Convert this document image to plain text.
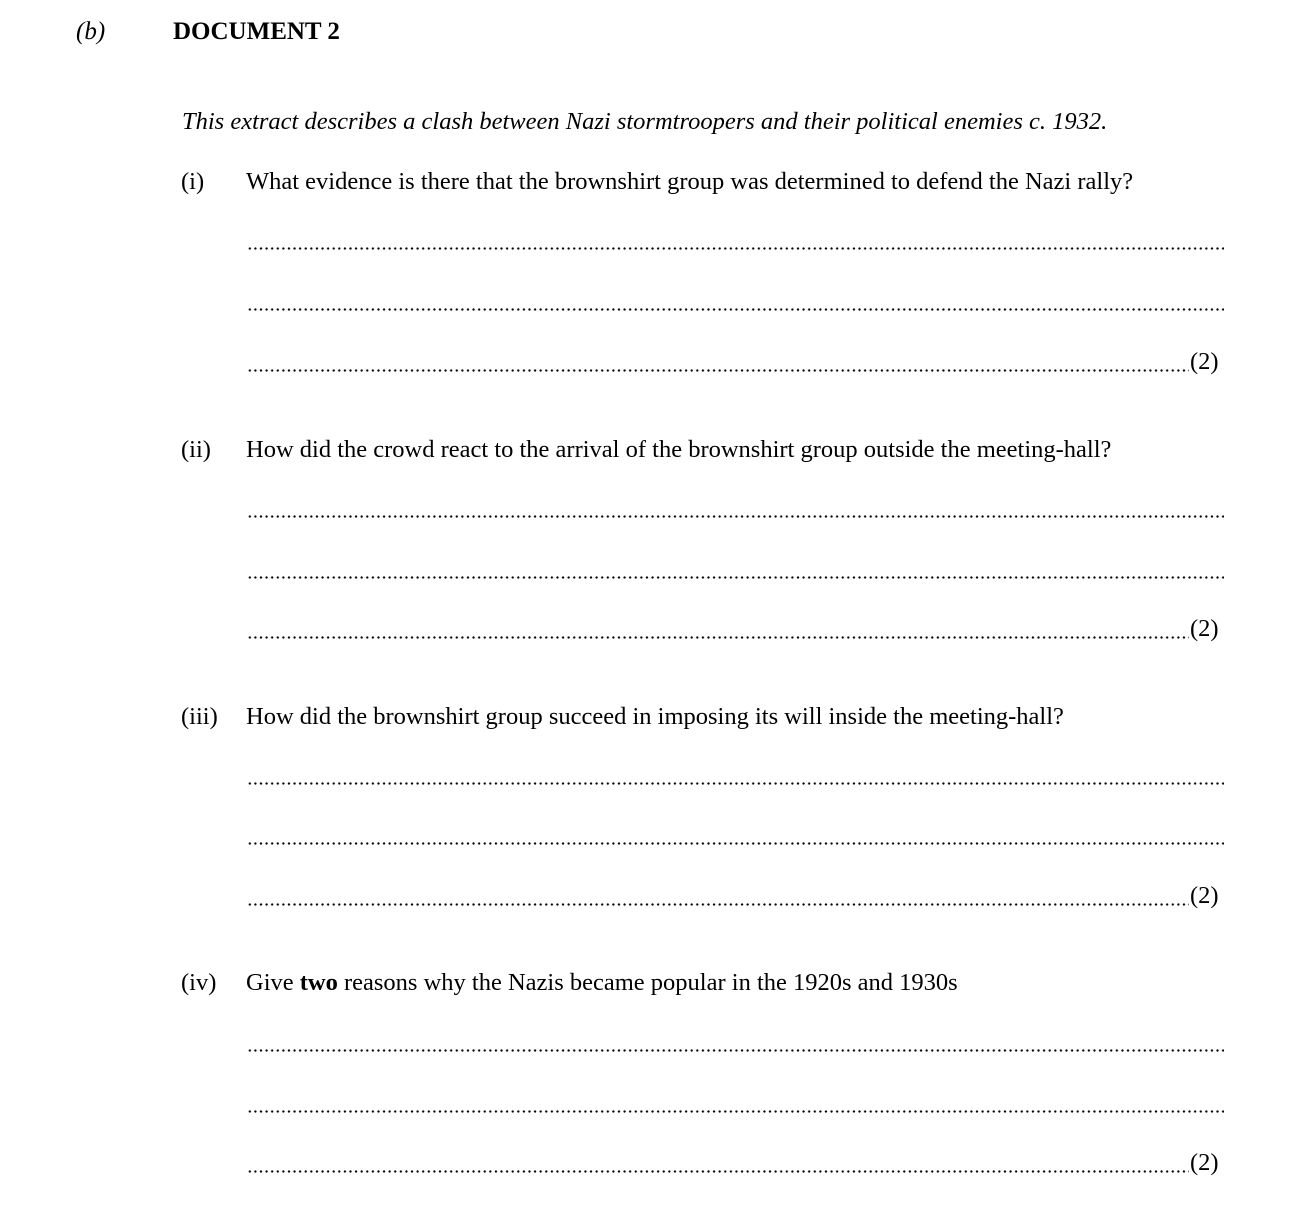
(b)	DOCUMENT 2
This extract describes a clash between Nazi stormtroopers and their political enemies c. 1932.
(i) What evidence is there that the brownshirt group was determined to defend the Nazi rally?
(2)
(ii) How did the crowd react to the arrival of the brownshirt group outside the meeting-hall?
(2)
(iii) How did the brownshirt group succeed in imposing its will inside the meeting-hall?
(2)
(iv) Give two reasons why the Nazis became popular in the 1920s and 1930s
(2)
